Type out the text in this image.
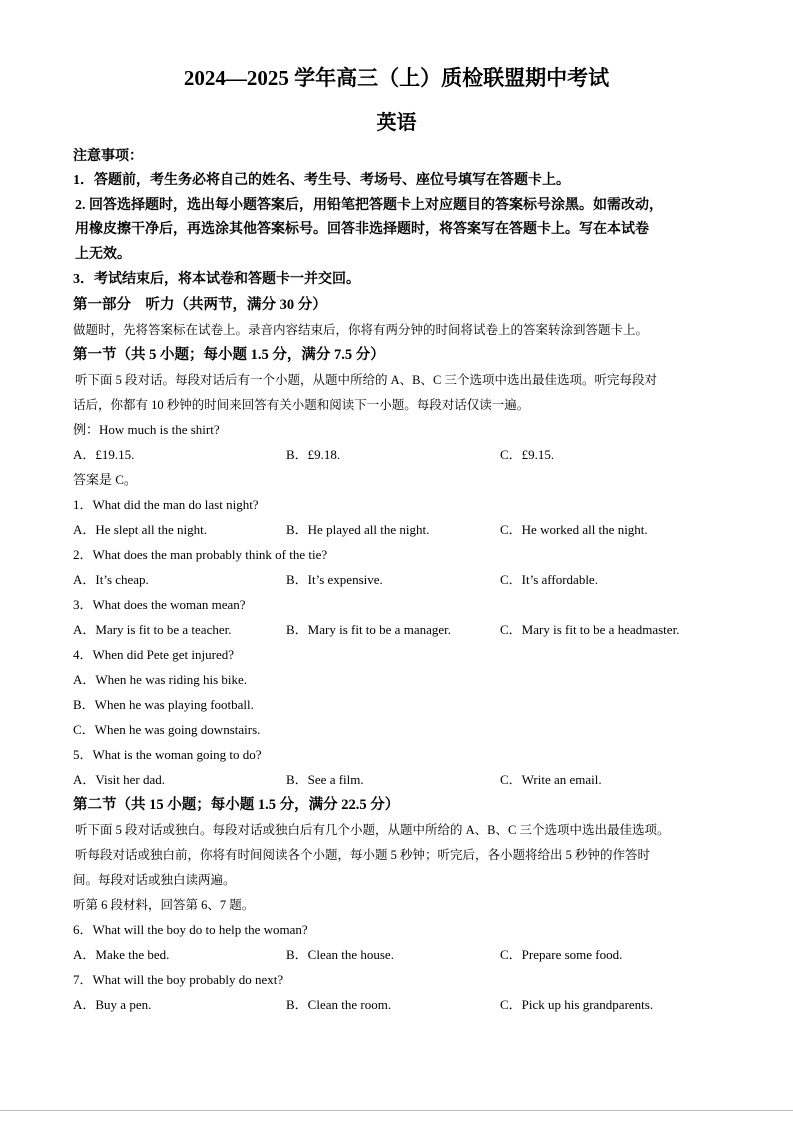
2024—2025 学年高三（上）质检联盟期中考试
英语
注意事项：
1．答题前，考生务必将自己的姓名、考生号、考场号、座位号填写在答题卡上。
2. 回答选择题时，选出每小题答案后，用铅笔把答题卡上对应题目的答案标号涂黑。如需改动，
用橡皮擦干净后，再选涂其他答案标号。回答非选择题时，将答案写在答题卡上。写在本试卷
上无效。
3．考试结束后，将本试卷和答题卡一并交回。
第一部分　听力（共两节，满分 30 分）
做题时，先将答案标在试卷上。录音内容结束后，你将有两分钟的时间将试卷上的答案转涂到答题卡上。
第一节（共 5 小题；每小题 1.5 分，满分 7.5 分）
听下面 5 段对话。每段对话后有一个小题，从题中所给的 A、B、C 三个选项中选出最佳选项。听完每段对
话后，你都有 10 秒钟的时间来回答有关小题和阅读下一小题。每段对话仅读一遍。
例：How much is the shirt?
A．£19.15.	B．£9.18.	C．£9.15.
答案是 C。
1．What did the man do last night?
A．He slept all the night.	B．He played all the night.	C．He worked all the night.
2．What does the man probably think of the tie?
A．It’s cheap.	B．It’s expensive.	C．It’s affordable.
3．What does the woman mean?
A．Mary is fit to be a teacher.	B．Mary is fit to be a manager.	C．Mary is fit to be a headmaster.
4．When did Pete get injured?
A．When he was riding his bike.
B．When he was playing football.
C．When he was going downstairs.
5．What is the woman going to do?
A．Visit her dad.	B．See a film.	C．Write an email.
第二节（共 15 小题；每小题 1.5 分，满分 22.5 分）
听下面 5 段对话或独白。每段对话或独白后有几个小题，从题中所给的 A、B、C 三个选项中选出最佳选项。
听每段对话或独白前，你将有时间阅读各个小题，每小题 5 秒钟；听完后，各小题将给出 5 秒钟的作答时
间。每段对话或独白读两遍。
听第 6 段材料，回答第 6、7 题。
6．What will the boy do to help the woman?
A．Make the bed.	B．Clean the house.	C．Prepare some food.
7．What will the boy probably do next?
A．Buy a pen.	B．Clean the room.	C．Pick up his grandparents.
